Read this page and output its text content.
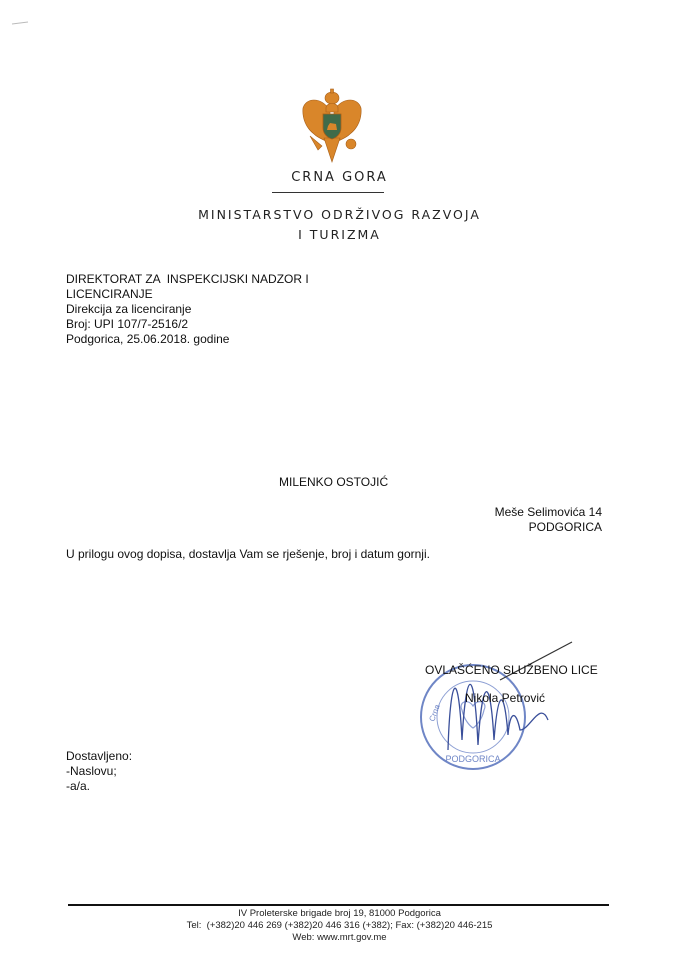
CRNA GORA
MINISTARSTVO ODRŽIVOG RAZVOJA
I TURIZMA
DIREKTORAT ZA  INSPEKCIJSKI NADZOR I
LICENCIRANJE
Direkcija za licenciranje
Broj: UPI 107/7-2516/2
Podgorica, 25.06.2018. godine
MILENKO OSTOJIĆ
Meše Selimovića 14
PODGORICA
U prilogu ovog dopisa, dostavlja Vam se rješenje, broj i datum gornji.
PODGORICA
Crna
OVLAŠĆENO SLUŽBENO LICE
Nikola Petrović
Dostavljeno:
-Naslovu;
-a/a.
IV Proleterske brigade broj 19, 81000 Podgorica
Tel:  (+382)20 446 269 (+382)20 446 316 (+382); Fax: (+382)20 446-215
Web: www.mrt.gov.me
